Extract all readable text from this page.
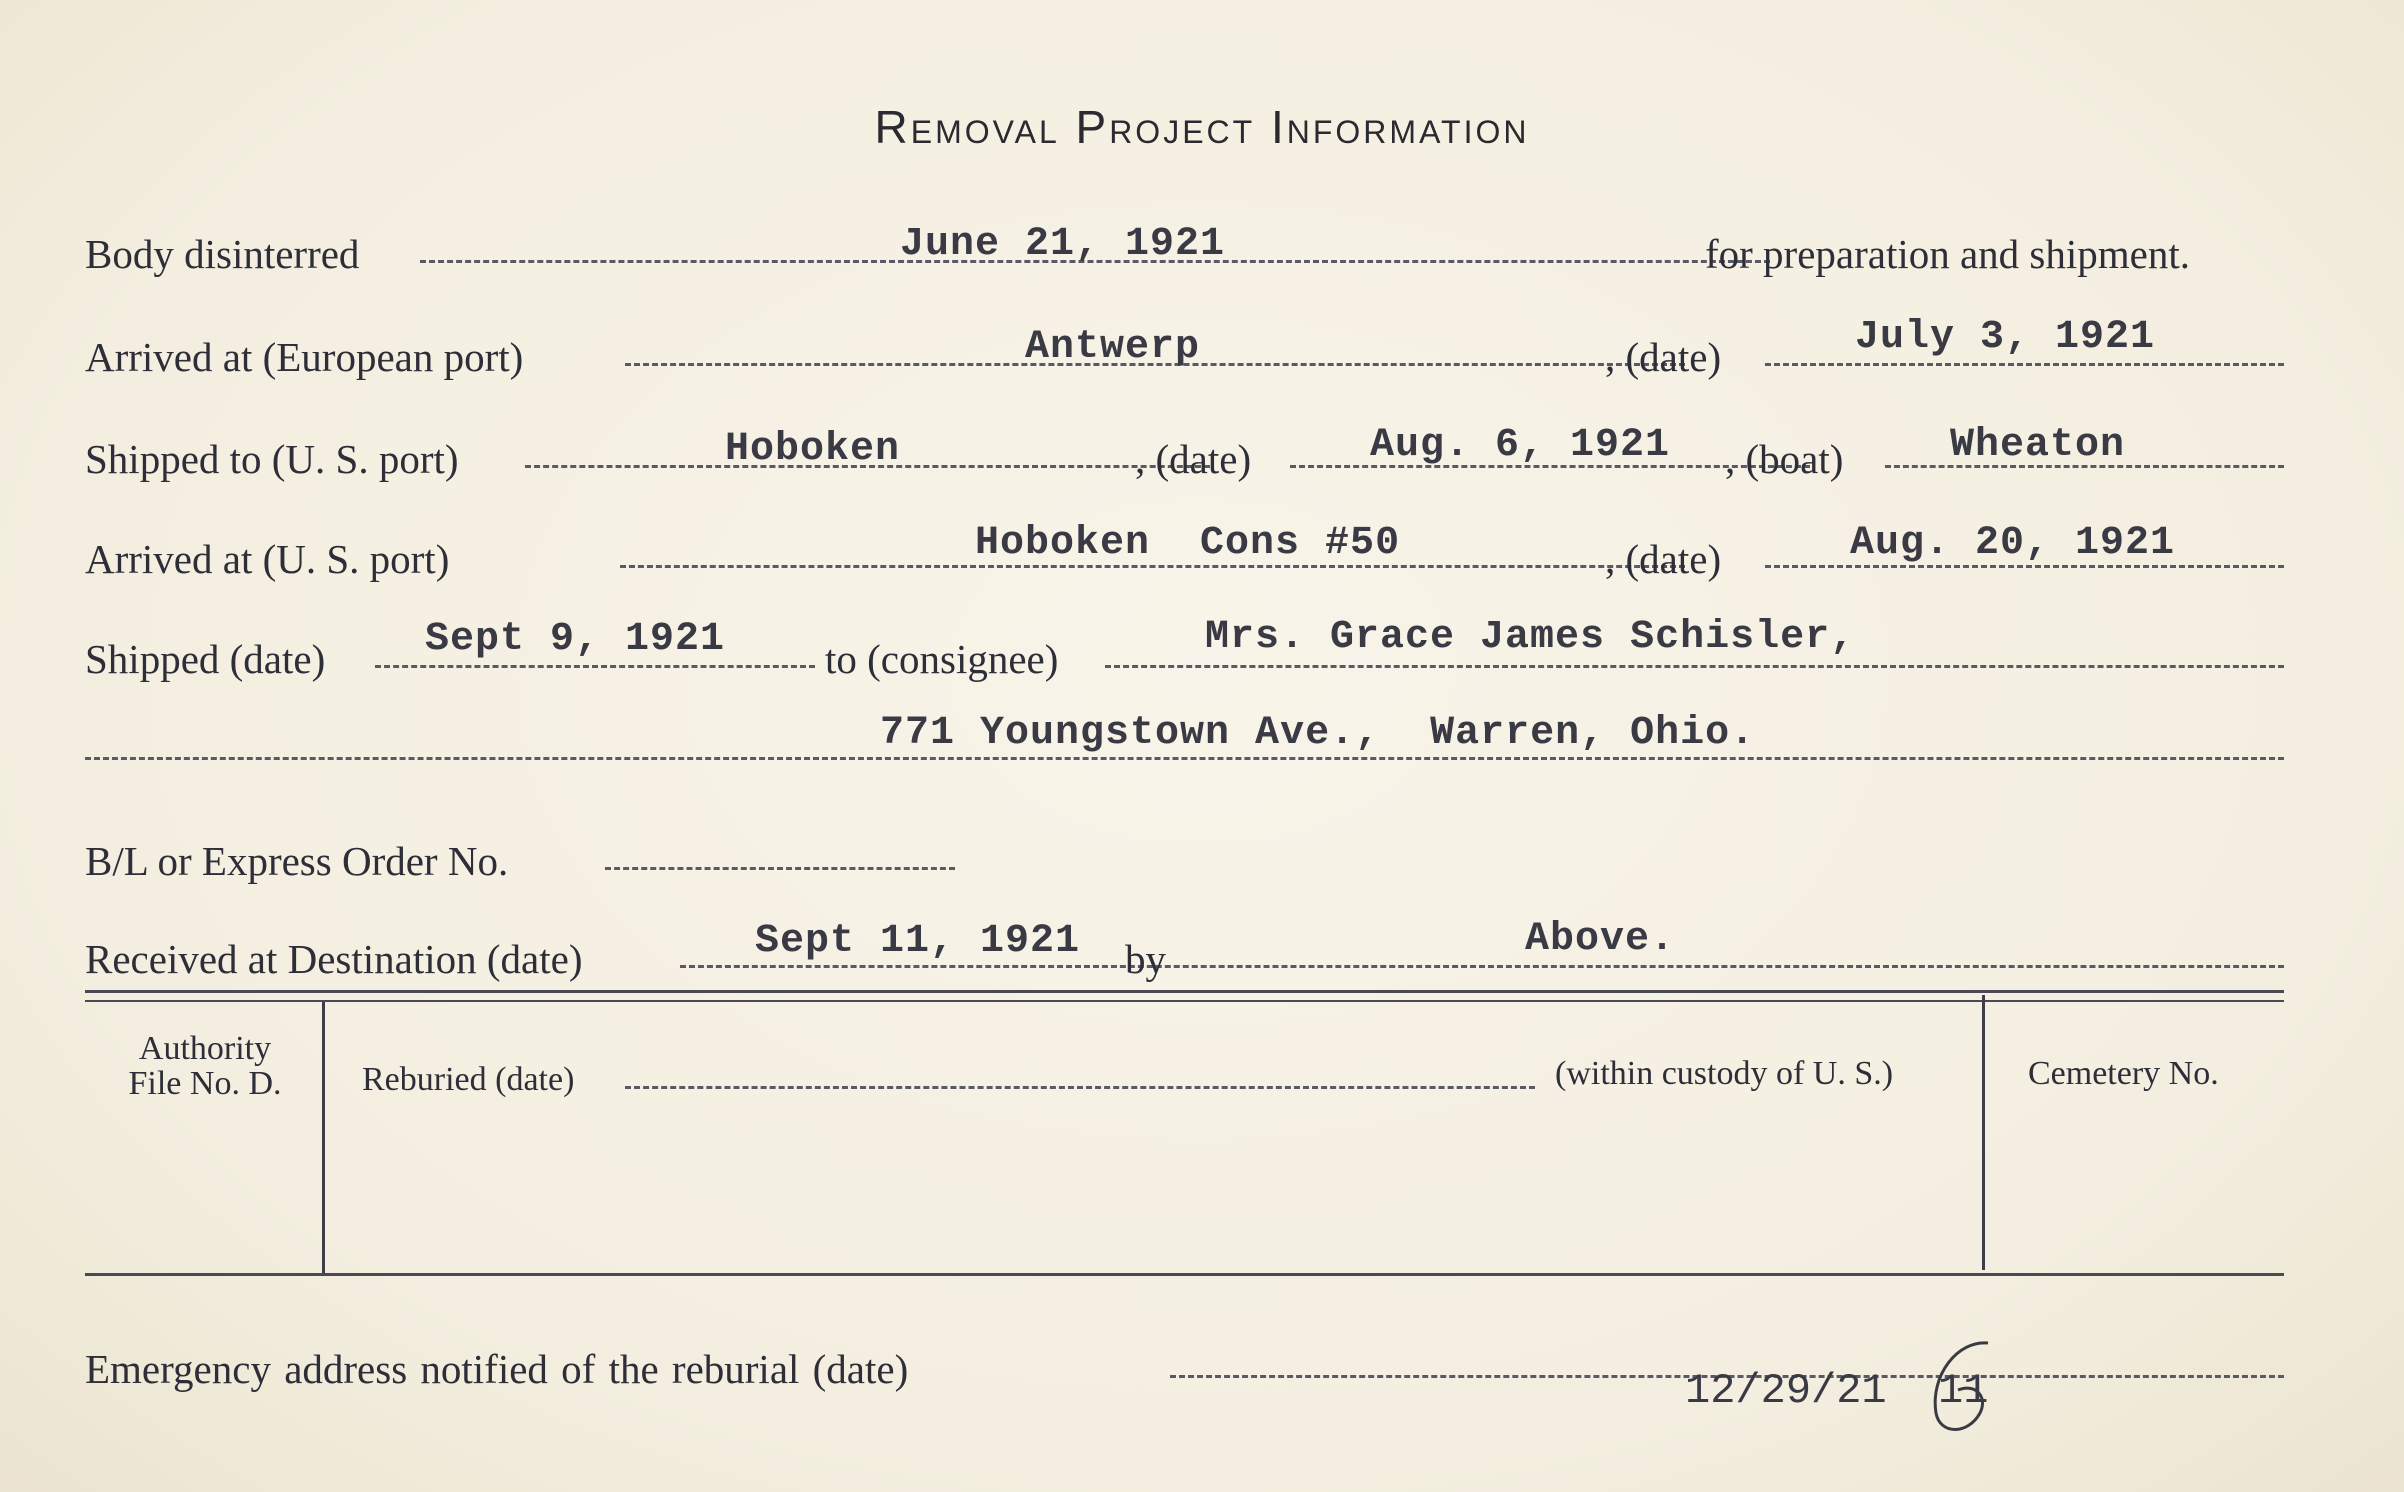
Removal Project Information
Body disinterred	June 21, 1921	for preparation and shipment.
Arrived at (European port)	Antwerp	, (date)	July 3, 1921
Shipped to (U. S. port)	Hoboken	, (date)	Aug. 6, 1921 , (boat)	Wheaton
Arrived at (U. S. port)	Hoboken  Cons #50	, (date)	Aug. 20, 1921
Shipped (date) Sept 9, 1921 to (consignee)	Mrs. Grace James Schisler,
771 Youngstown Ave.,  Warren, Ohio.
B/L or Express Order No.
Received at Destination (date)	Sept 11, 1921 by	Above.
Authority
File No. D.	Reburied (date)	(within custody of U. S.)	Cemetery No.
Emergency address notified of the reburial (date)	12/29/21 11
